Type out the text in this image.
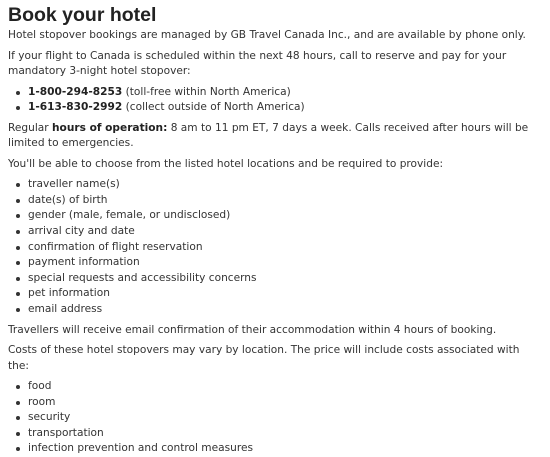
Book your hotel

Hotel stopover bookings are managed by GB Travel Canada Inc., and are available by phone only.

If your flight to Canada is scheduled within the next 48 hours, call to reserve and pay for your mandatory 3-night hotel stopover:

1-800-294-8253 (toll-free within North America)
1-613-830-2992 (collect outside of North America)

Regular hours of operation: 8 am to 11 pm ET, 7 days a week. Calls received after hours will be limited to emergencies.

You'll be able to choose from the listed hotel locations and be required to provide:

traveller name(s)
date(s) of birth
gender (male, female, or undisclosed)
arrival city and date
confirmation of flight reservation
payment information
special requests and accessibility concerns
pet information
email address

Travellers will receive email confirmation of their accommodation within 4 hours of booking.

Costs of these hotel stopovers may vary by location. The price will include costs associated with the:

food
room
security
transportation
infection prevention and control measures
